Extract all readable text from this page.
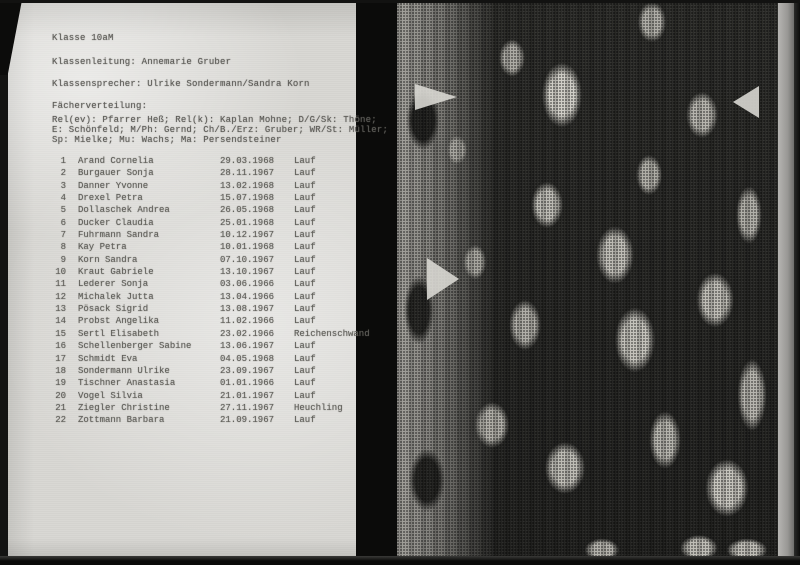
Klasse 10aM
Klassenleitung: Annemarie Gruber
Klassensprecher: Ulrike Sondermann/Sandra Korn
Fächerverteilung:
Rel(ev): Pfarrer Heß; Rel(k): Kaplan Mohne; D/G/Sk: Thöne;
E: Schönfeld; M/Ph: Gernd; Ch/B./Erz: Gruber; WR/St: Müller;
Sp: Mielke; Mu: Wachs; Ma: Persendsteiner
1 Arand Cornelia	29.03.1968	Lauf
2 Burgauer Sonja	28.11.1967	Lauf
3 Danner Yvonne	13.02.1968	Lauf
4 Drexel Petra	15.07.1968	Lauf
5 Dollaschek Andrea	26.05.1968	Lauf
6 Ducker Claudia	25.01.1968	Lauf
7 Fuhrmann Sandra	10.12.1967	Lauf
8 Kay Petra	10.01.1968	Lauf
9 Korn Sandra	07.10.1967	Lauf
10 Kraut Gabriele	13.10.1967	Lauf
11 Lederer Sonja	03.06.1966	Lauf
12 Michalek Jutta	13.04.1966	Lauf
13 Pösack Sigrid	13.08.1967	Lauf
14 Probst Angelika	11.02.1966	Lauf
15 Sertl Elisabeth	23.02.1966	Reichenschwand
16 Schellenberger Sabine	13.06.1967	Lauf
17 Schmidt Eva	04.05.1968	Lauf
18 Sondermann Ulrike	23.09.1967	Lauf
19 Tischner Anastasia	01.01.1966	Lauf
20 Vogel Silvia	21.01.1967	Lauf
21 Ziegler Christine	27.11.1967	Heuchling
22 Zottmann Barbara	21.09.1967	Lauf
